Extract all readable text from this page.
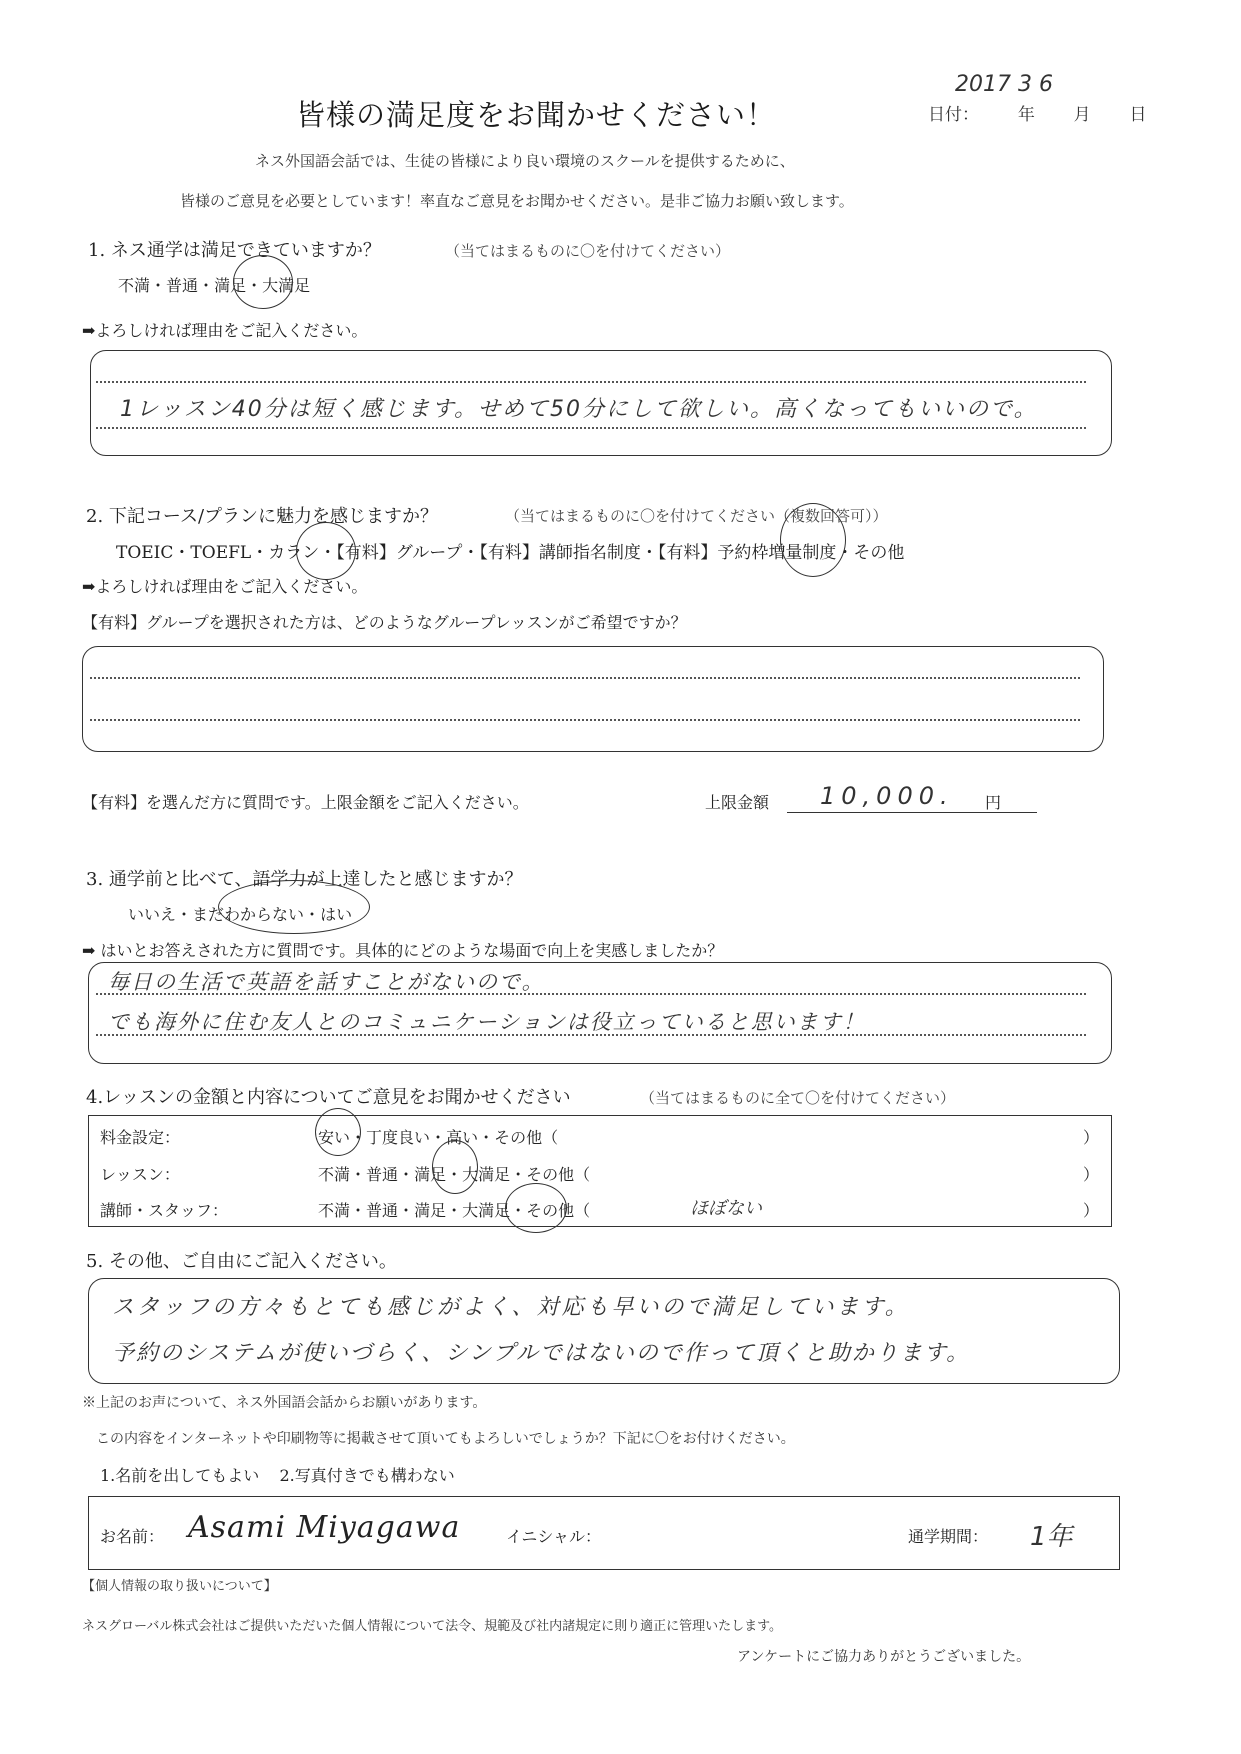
皆様の満足度をお聞かせください！
2017 3 6
日付： 年 月 日
ネス外国語会話では、生徒の皆様により良い環境のスクールを提供するために、
皆様のご意見を必要としています！率直なご意見をお聞かせください。是非ご協力お願い致します。
1. ネス通学は満足できていますか？	（当てはまるものに〇を付けてください）
不満・普通・満足・大満足
➡よろしければ理由をご記入ください。
1レッスン40分は短く感じます。せめて50分にして欲しい。高くなってもいいので。
2. 下記コース/プランに魅力を感じますか？	（当てはまるものに〇を付けてください（複数回答可））
TOEIC・TOEFL・カラン・【有料】グループ・【有料】講師指名制度・【有料】予約枠増量制度・その他
➡よろしければ理由をご記入ください。
【有料】グループを選択された方は、どのようなグループレッスンがご希望ですか？
【有料】を選んだ方に質問です。上限金額をご記入ください。	上限金額 10,000. 円
3. 通学前と比べて、語学力が上達したと感じますか？
いいえ・まだわからない・はい
➡ はいとお答えされた方に質問です。具体的にどのような場面で向上を実感しましたか？
毎日の生活で英語を話すことがないので。
でも海外に住む友人とのコミュニケーションは役立っていると思います！
4.レッスンの金額と内容についてご意見をお聞かせください	（当てはまるものに全て〇を付けてください）
料金設定：	安い・丁度良い・高い・その他（	）
レッスン：	不満・普通・満足・大満足・その他（	）
講師・スタッフ：	不満・普通・満足・大満足・その他（	ほぼない	）
5. その他、ご自由にご記入ください。
スタッフの方々もとても感じがよく、対応も早いので満足しています。
予約のシステムが使いづらく、シンプルではないので作って頂くと助かります。
※上記のお声について、ネス外国語会話からお願いがあります。
この内容をインターネットや印刷物等に掲載させて頂いてもよろしいでしょうか？下記に〇をお付けください。
1.名前を出してもよい 2.写真付きでも構わない
お名前： Asami Miyagawa	イニシャル：	通学期間： 1年
【個人情報の取り扱いについて】
ネスグローバル株式会社はご提供いただいた個人情報について法令、規範及び社内諸規定に則り適正に管理いたします。
アンケートにご協力ありがとうございました。
